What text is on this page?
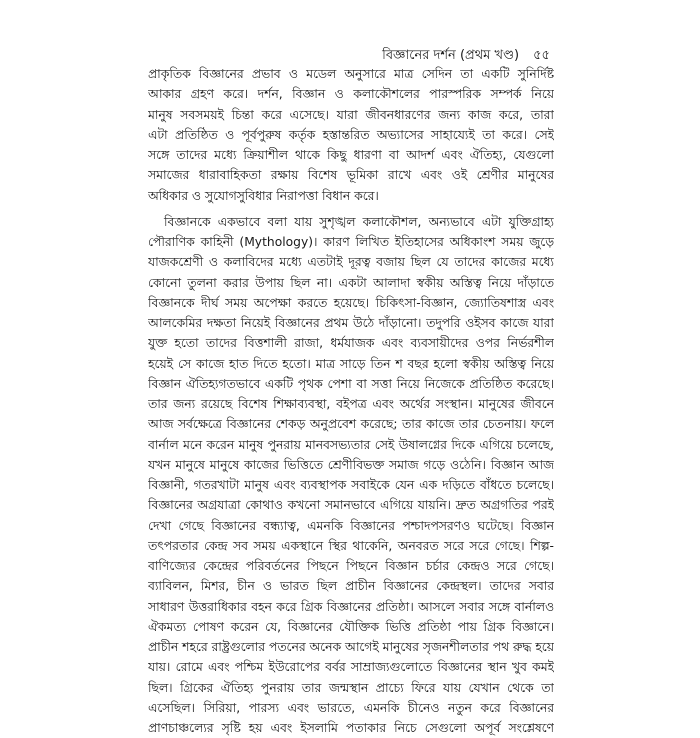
বিজ্ঞানের দর্শন (প্রথম খণ্ড) ৫৫
প্রাকৃতিক বিজ্ঞানের প্রভাব ও মডেল অনুসারে মাত্র সেদিন তা একটি সুনির্দিষ্ট
আকার গ্রহণ করে। দর্শন, বিজ্ঞান ও কলাকৌশলের পারস্পরিক সম্পর্ক নিয়ে
মানুষ সবসময়ই চিন্তা করে এসেছে। যারা জীবনধারণের জন্য কাজ করে, তারা
এটা প্রতিষ্ঠিত ও পূর্বপুরুষ কর্তৃক হস্তান্তরিত অভ্যাসের সাহায্যেই তা করে। সেই
সঙ্গে তাদের মধ্যে ক্রিয়াশীল থাকে কিছু ধারণা বা আদর্শ এবং ঐতিহ্য, যেগুলো
সমাজের ধারাবাহিকতা রক্ষায় বিশেষ ভূমিকা রাখে এবং ওই শ্রেণীর মানুষের
অধিকার ও সুযোগসুবিধার নিরাপত্তা বিধান করে।
বিজ্ঞানকে একভাবে বলা যায় সুশৃঙ্খল কলাকৌশল, অন্যভাবে এটা যুক্তিগ্রাহ্য
পৌরাণিক কাহিনী (Mythology)। কারণ লিখিত ইতিহাসের অধিকাংশ সময় জুড়ে
যাজকশ্রেণী ও কলাবিদের মধ্যে এতটাই দূরত্ব বজায় ছিল যে তাদের কাজের মধ্যে
কোনো তুলনা করার উপায় ছিল না। একটা আলাদা স্বকীয় অস্তিত্ব নিয়ে দাঁড়াতে
বিজ্ঞানকে দীর্ঘ সময় অপেক্ষা করতে হয়েছে। চিকিৎসা-বিজ্ঞান, জ্যোতিষশাস্ত্র এবং
আলকেমির দক্ষতা নিয়েই বিজ্ঞানের প্রথম উঠে দাঁড়ানো। তদুপরি ওইসব কাজে যারা
যুক্ত হতো তাদের বিত্তশালী রাজা, ধর্মযাজক এবং ব্যবসায়ীদের ওপর নির্ভরশীল
হয়েই সে কাজে হাত দিতে হতো। মাত্র সাড়ে তিন শ বছর হলো স্বকীয় অস্তিত্ব নিয়ে
বিজ্ঞান ঐতিহ্যগতভাবে একটি পৃথক পেশা বা সত্তা নিয়ে নিজেকে প্রতিষ্ঠিত করেছে।
তার জন্য রয়েছে বিশেষ শিক্ষাব্যবস্থা, বইপত্র এবং অর্থের সংস্থান। মানুষের জীবনে
আজ সর্বক্ষেত্রে বিজ্ঞানের শেকড় অনুপ্রবেশ করেছে; তার কাজে তার চেতনায়। ফলে
বার্নাল মনে করেন মানুষ পুনরায় মানবসভ্যতার সেই উষালগ্নের দিকে এগিয়ে চলেছে,
যখন মানুষে মানুষে কাজের ভিত্তিতে শ্রেণীবিভক্ত সমাজ গড়ে ওঠেনি। বিজ্ঞান আজ
বিজ্ঞানী, গতরখাটা মানুষ এবং ব্যবস্থাপক সবাইকে যেন এক দড়িতে বাঁধতে চলেছে।
বিজ্ঞানের অগ্রযাত্রা কোথাও কখনো সমানভাবে এগিয়ে যায়নি। দ্রুত অগ্রগতির পরই
দেখা গেছে বিজ্ঞানের বন্ধ্যাত্ব, এমনকি বিজ্ঞানের পশ্চাদপসরণও ঘটেছে। বিজ্ঞান
তৎপরতার কেন্দ্র সব সময় একস্থানে স্থির থাকেনি, অনবরত সরে সরে গেছে। শিল্প-
বাণিজ্যের কেন্দ্রের পরিবর্তনের পিছনে পিছনে বিজ্ঞান চর্চার কেন্দ্রও সরে গেছে।
ব্যাবিলন, মিশর, চীন ও ভারত ছিল প্রাচীন বিজ্ঞানের কেন্দ্রস্থল। তাদের সবার
সাধারণ উত্তরাধিকার বহন করে গ্রিক বিজ্ঞানের প্রতিষ্ঠা। আসলে সবার সঙ্গে বার্নালও
ঐকমত্য পোষণ করেন যে, বিজ্ঞানের যৌক্তিক ভিত্তি প্রতিষ্ঠা পায় গ্রিক বিজ্ঞানে।
প্রাচীন শহরে রাষ্ট্রগুলোর পতনের অনেক আগেই মানুষের সৃজনশীলতার পথ রুদ্ধ হয়ে
যায়। রোমে এবং পশ্চিম ইউরোপের বর্বর সাম্রাজ্যগুলোতে বিজ্ঞানের স্থান খুব কমই
ছিল। গ্রিকের ঐতিহ্য পুনরায় তার জন্মস্থান প্রাচ্যে ফিরে যায় যেখান থেকে তা
এসেছিল। সিরিয়া, পারস্য এবং ভারতে, এমনকি চীনেও নতুন করে বিজ্ঞানের
প্রাণচাঞ্চল্যের সৃষ্টি হয় এবং ইসলামি পতাকার নিচে সেগুলো অপূর্ব সংশ্লেষণে
